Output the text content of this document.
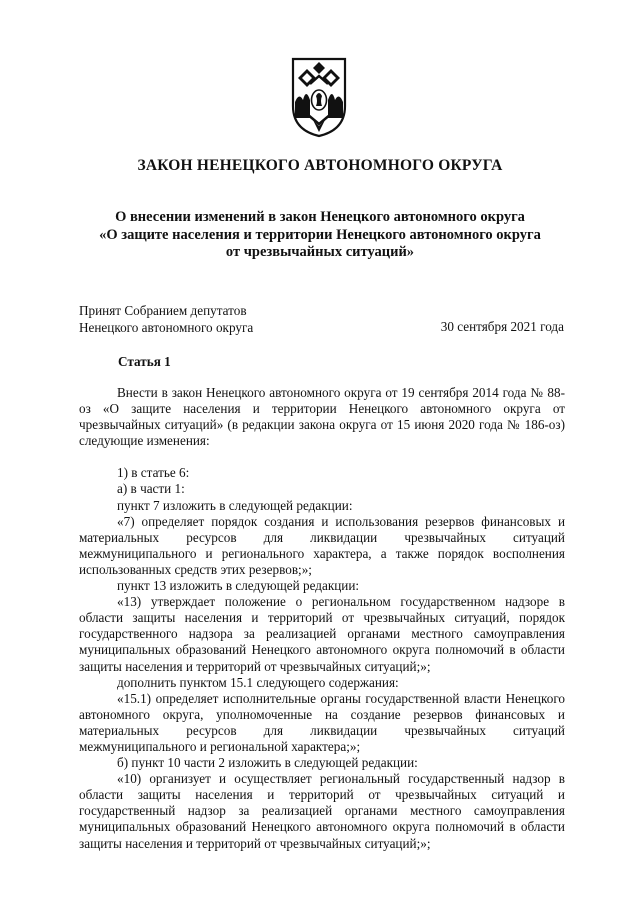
ЗАКОН НЕНЕЦКОГО АВТОНОМНОГО ОКРУГА
О внесении изменений в закон Ненецкого автономного округа
«О защите населения и территории Ненецкого автономного округа
от чрезвычайных ситуаций»
Принят Собранием депутатов
Ненецкого автономного округа	30 сентября 2021 года
Статья 1

Внести в закон Ненецкого автономного округа от 19 сентября 2014 года № 88-оз «О защите населения и территории Ненецкого автономного округа от чрезвычайных ситуаций» (в редакции закона округа от 15 июня 2020 года № 186-оз) следующие изменения:

1) в статье 6:

а) в части 1:

пункт 7 изложить в следующей редакции:

«7) определяет порядок создания и использования резервов финансовых и материальных ресурсов для ликвидации чрезвычайных ситуаций межмуниципального и регионального характера, а также порядок восполнения использованных средств этих резервов;»;

пункт 13 изложить в следующей редакции:

«13) утверждает положение о региональном государственном надзоре в области защиты населения и территорий от чрезвычайных ситуаций, порядок государственного надзора за реализацией органами местного самоуправления муниципальных образований Ненецкого автономного округа полномочий в области защиты населения и территорий от чрезвычайных ситуаций;»;

дополнить пунктом 15.1 следующего содержания:

«15.1) определяет исполнительные органы государственной власти Ненецкого автономного округа, уполномоченные на создание резервов финансовых и материальных ресурсов для ликвидации чрезвычайных ситуаций межмуниципального и региональной характера;»;

б) пункт 10 части 2 изложить в следующей редакции:

«10) организует и осуществляет региональный государственный надзор в области защиты населения и территорий от чрезвычайных ситуаций и государственный надзор за реализацией органами местного самоуправления муниципальных образований Ненецкого автономного округа полномочий в области защиты населения и территорий от чрезвычайных ситуаций;»;
